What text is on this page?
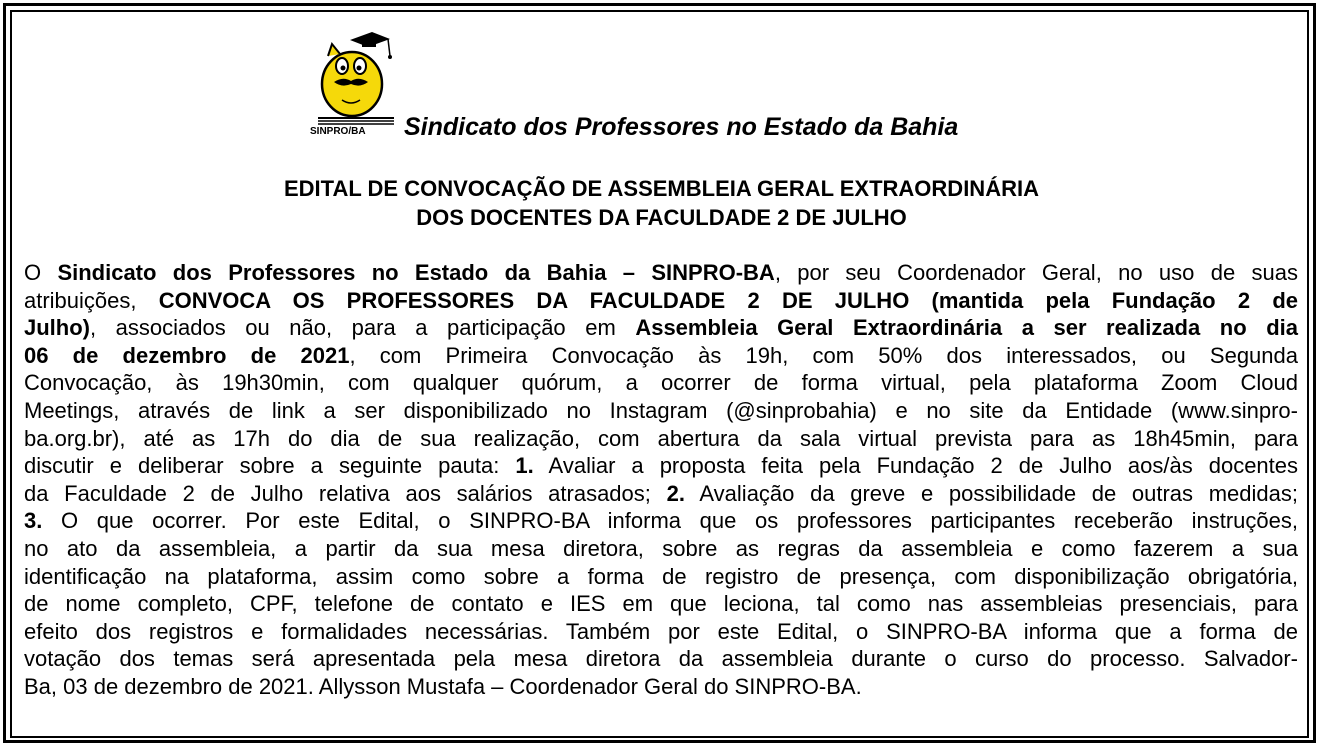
SINPRO/BA Sindicato dos Professores no Estado da Bahia
EDITAL DE CONVOCAÇÃO DE ASSEMBLEIA GERAL EXTRAORDINÁRIA
DOS DOCENTES DA FACULDADE 2 DE JULHO
O Sindicato dos Professores no Estado da Bahia – SINPRO-BA, por seu Coordenador Geral, no uso de suas
atribuições, CONVOCA OS PROFESSORES DA FACULDADE 2 DE JULHO (mantida pela Fundação 2 de
Julho), associados ou não, para a participação em Assembleia Geral Extraordinária a ser realizada no dia
06 de dezembro de 2021, com Primeira Convocação às 19h, com 50% dos interessados, ou Segunda
Convocação, às 19h30min, com qualquer quórum, a ocorrer de forma virtual, pela plataforma Zoom Cloud
Meetings, através de link a ser disponibilizado no Instagram (@sinprobahia) e no site da Entidade (www.sinpro-
ba.org.br), até as 17h do dia de sua realização, com abertura da sala virtual prevista para as 18h45min, para
discutir e deliberar sobre a seguinte pauta: 1. Avaliar a proposta feita pela Fundação 2 de Julho aos/às docentes
da Faculdade 2 de Julho relativa aos salários atrasados; 2. Avaliação da greve e possibilidade de outras medidas;
3. O que ocorrer. Por este Edital, o SINPRO-BA informa que os professores participantes receberão instruções,
no ato da assembleia, a partir da sua mesa diretora, sobre as regras da assembleia e como fazerem a sua
identificação na plataforma, assim como sobre a forma de registro de presença, com disponibilização obrigatória,
de nome completo, CPF, telefone de contato e IES em que leciona, tal como nas assembleias presenciais, para
efeito dos registros e formalidades necessárias. Também por este Edital, o SINPRO-BA informa que a forma de
votação dos temas será apresentada pela mesa diretora da assembleia durante o curso do processo. Salvador-
Ba, 03 de dezembro de 2021. Allysson Mustafa – Coordenador Geral do SINPRO-BA.
